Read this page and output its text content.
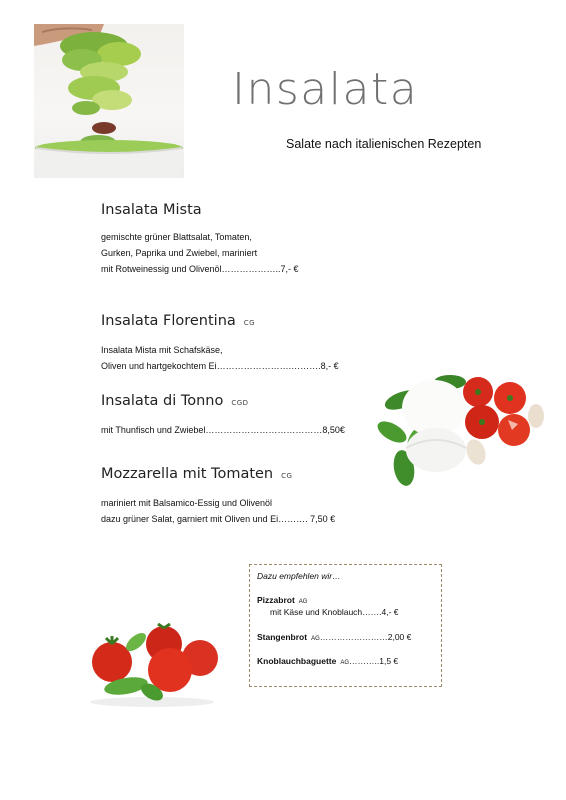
Insalata
Salate nach italienischen Rezepten
Insalata Mista
gemischte grüner Blattsalat, Tomaten,
Gurken, Paprika und Zwiebel, mariniert
mit Rotweinessig und Olivenöl………………..7,- €
Insalata Florentina CG
Insalata Mista mit Schafskäse,
Oliven und hartgekochtem Ei…………………….……….8,- €
Insalata di Tonno CGD
mit Thunfisch und Zwiebel…………………………………8,50€
Mozzarella mit Tomaten CG
mariniert mit Balsamico-Essig und Olivenöl
dazu grüner Salat, garniert mit Oliven und Ei………. 7,50 €
Dazu empfehlen wir…
Pizzabrot AG
mit Käse und Knoblauch…….4,- €
Stangenbrot AG……………………2,00 €
Knoblauchbaguette AG………..1,5 €
